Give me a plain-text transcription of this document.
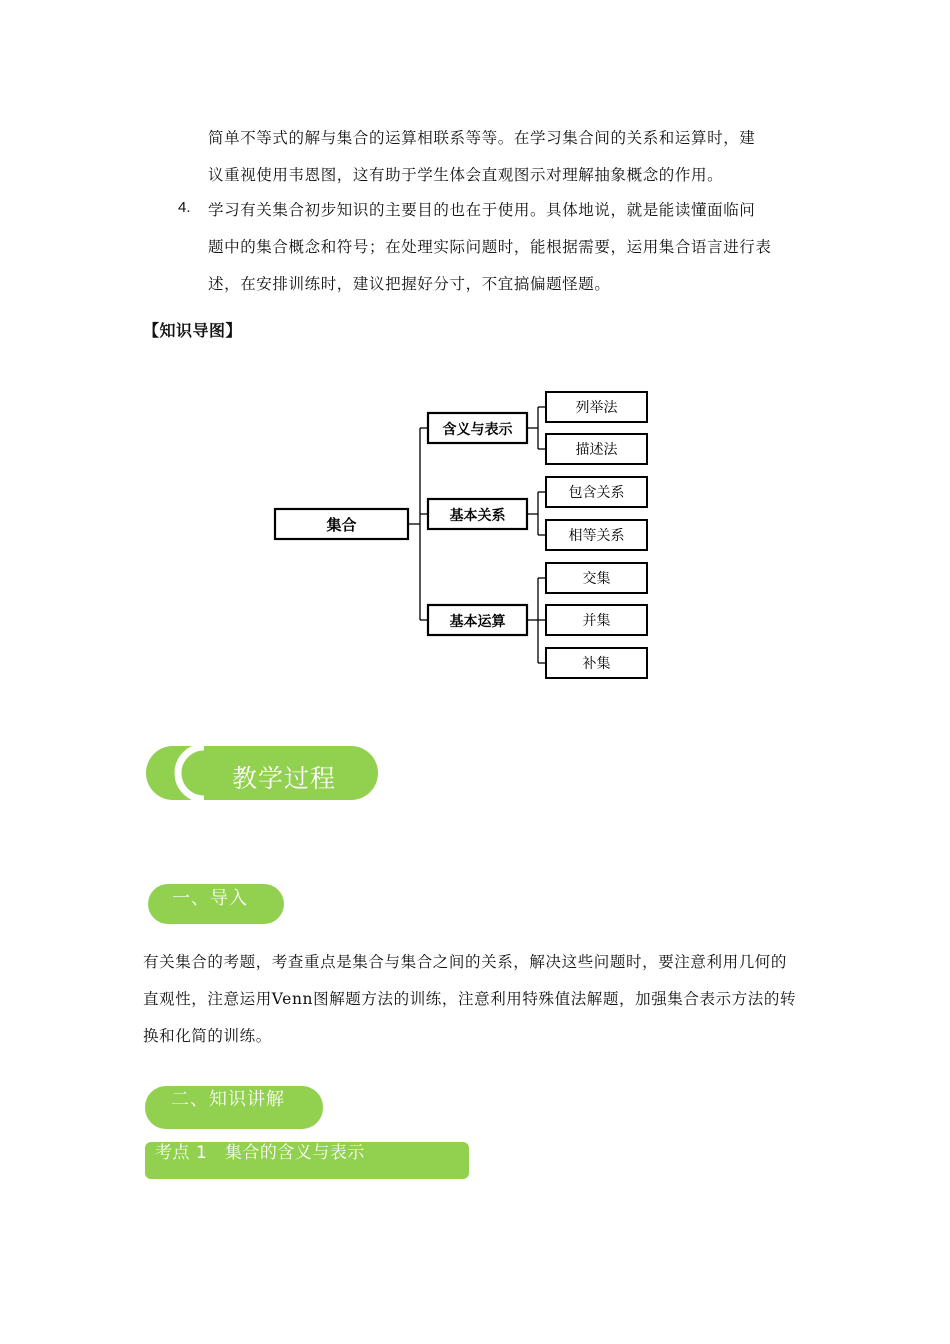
简单不等式的解与集合的运算相联系等等。在学习集合间的关系和运算时，建
议重视使用韦恩图，这有助于学生体会直观图示对理解抽象概念的作用。
4. 学习有关集合初步知识的主要目的也在于使用。具体地说，就是能读懂面临问
题中的集合概念和符号；在处理实际问题时，能根据需要，运用集合语言进行表
述，在安排训练时，建议把握好分寸，不宜搞偏题怪题。
【知识导图】
集合
含义与表示
基本关系
基本运算
列举法
描述法
包含关系
相等关系
交集
并集
补集
教学过程
一、导入
有关集合的考题，考查重点是集合与集合之间的关系，解决这些问题时，要注意利用几何的
直观性，注意运用Venn图解题方法的训练，注意利用特殊值法解题，加强集合表示方法的转
换和化简的训练。
二、知识讲解
考点 1   集合的含义与表示
